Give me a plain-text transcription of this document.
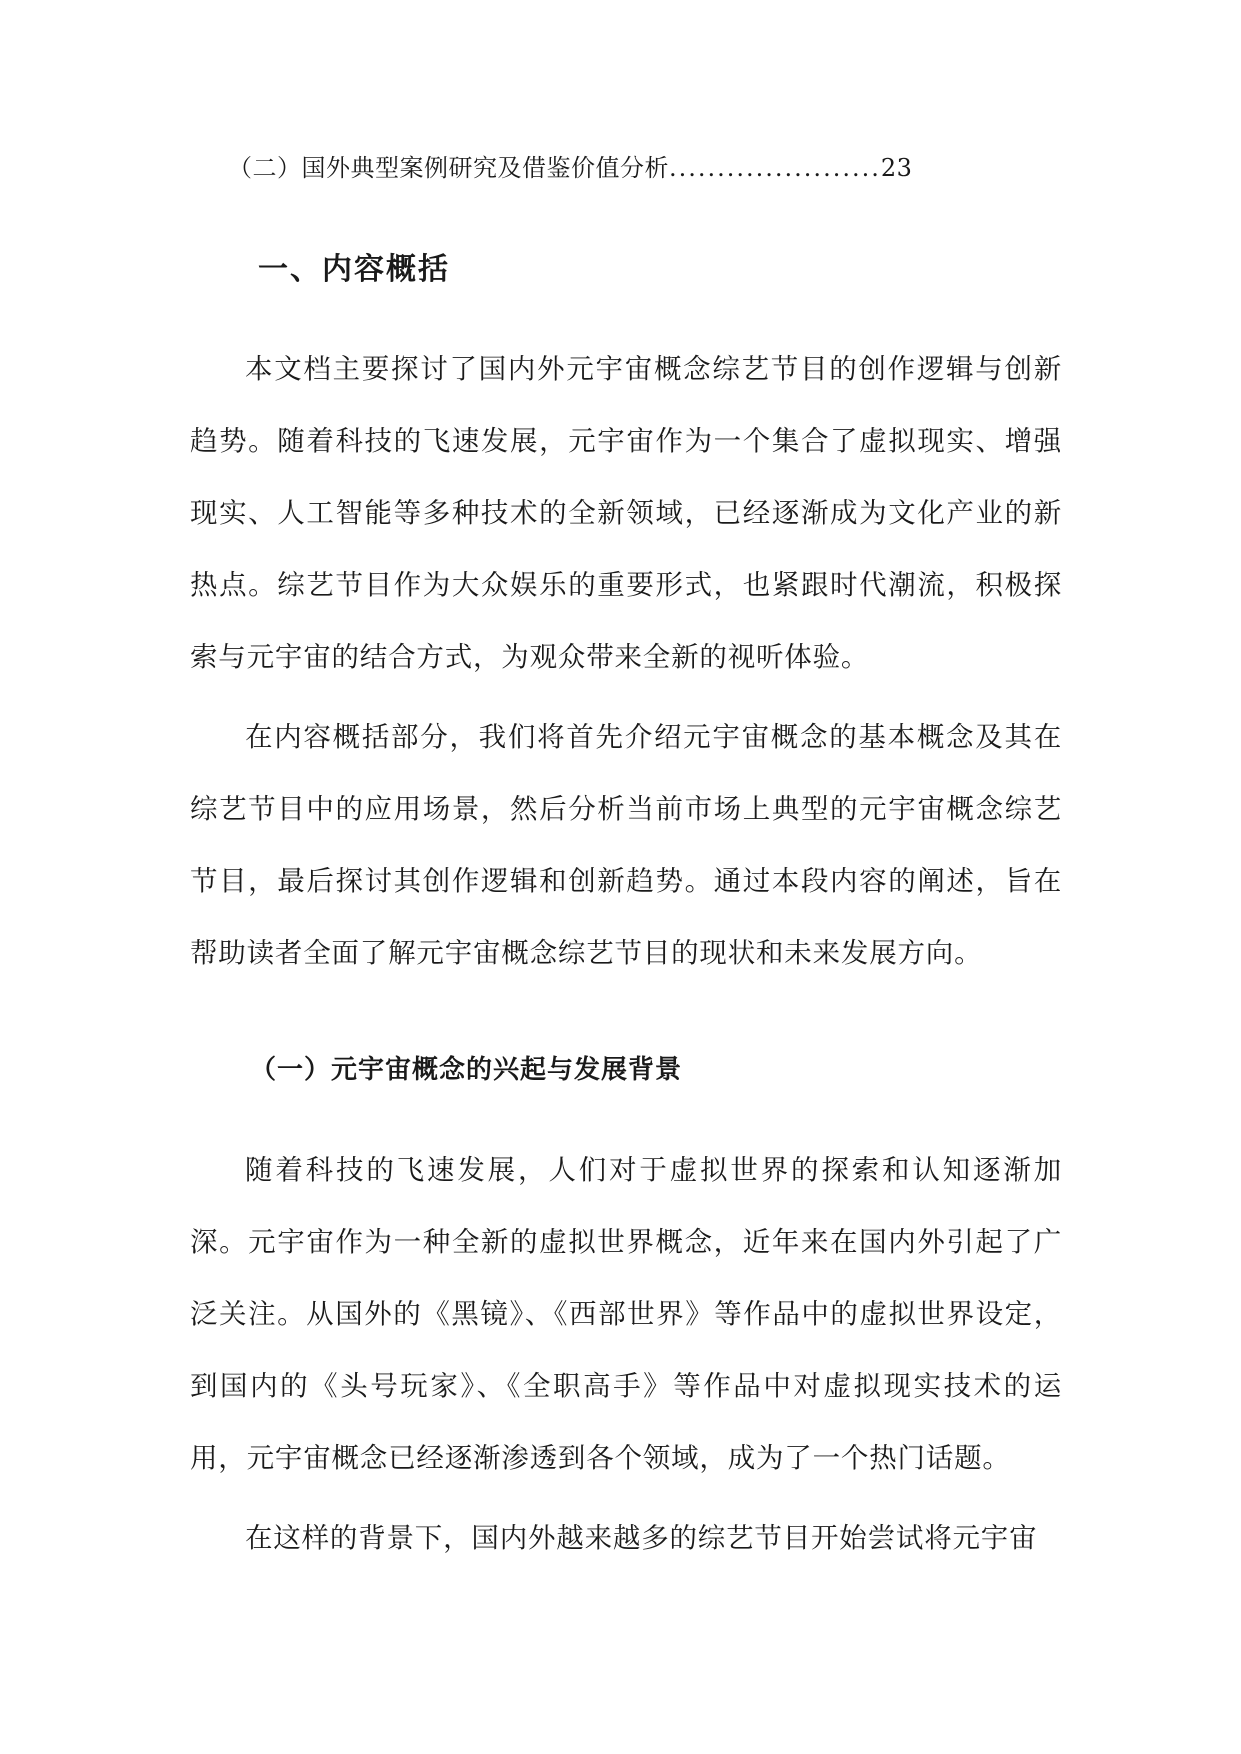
（二）国外典型案例研究及借鉴价值分析......................23
一、内容概括

本文档主要探讨了国内外元宇宙概念综艺节目的创作逻辑与创新趋势。随着科技的飞速发展，元宇宙作为一个集合了虚拟现实、增强现实、人工智能等多种技术的全新领域，已经逐渐成为文化产业的新热点。综艺节目作为大众娱乐的重要形式，也紧跟时代潮流，积极探索与元宇宙的结合方式，为观众带来全新的视听体验。

在内容概括部分，我们将首先介绍元宇宙概念的基本概念及其在综艺节目中的应用场景，然后分析当前市场上典型的元宇宙概念综艺节目，最后探讨其创作逻辑和创新趋势。通过本段内容的阐述，旨在帮助读者全面了解元宇宙概念综艺节目的现状和未来发展方向。

（一）元宇宙概念的兴起与发展背景

随着科技的飞速发展，人们对于虚拟世界的探索和认知逐渐加深。元宇宙作为一种全新的虚拟世界概念，近年来在国内外引起了广泛关注。从国外的《黑镜》、《西部世界》等作品中的虚拟世界设定，到国内的《头号玩家》、《全职高手》等作品中对虚拟现实技术的运用，元宇宙概念已经逐渐渗透到各个领域，成为了一个热门话题。

在这样的背景下，国内外越来越多的综艺节目开始尝试将元宇宙
